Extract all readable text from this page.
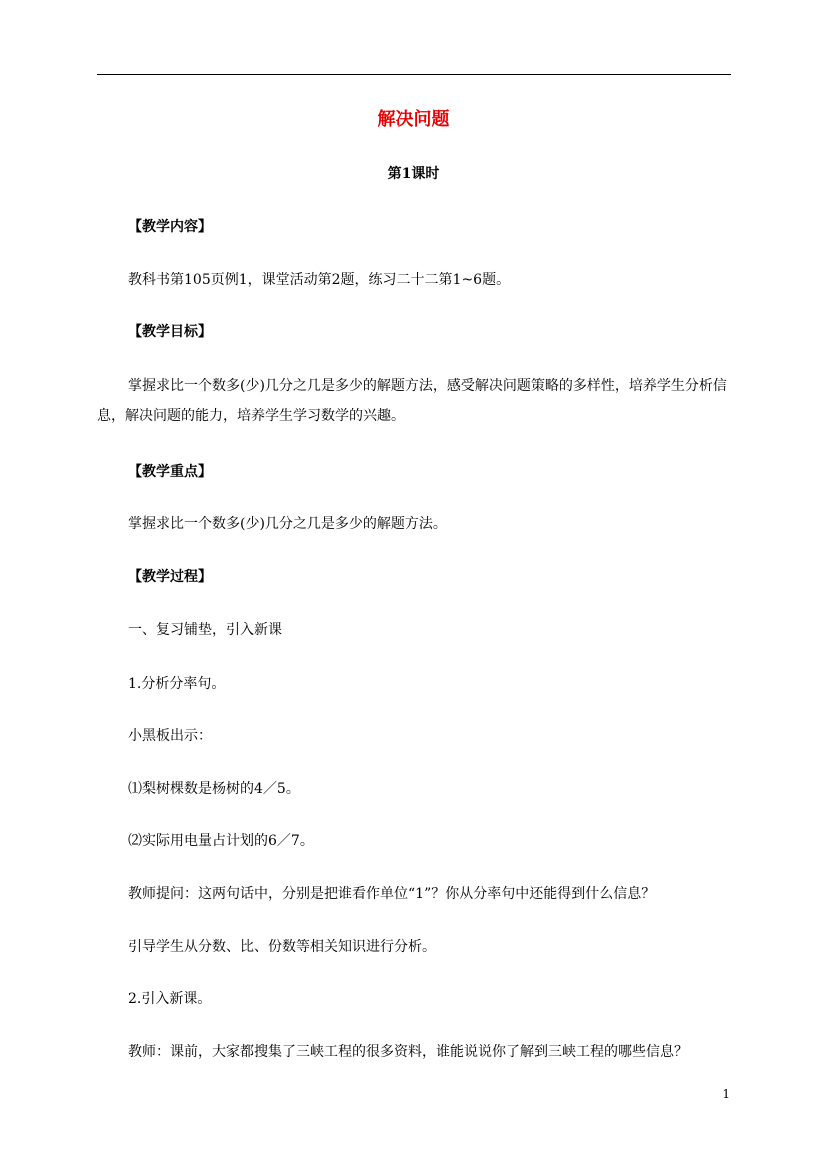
解决问题
第1课时
【教学内容】
教科书第105页例1，课堂活动第2题，练习二十二第1~6题。
【教学目标】
掌握求比一个数多(少)几分之几是多少的解题方法，感受解决问题策略的多样性，培养学生分析信息，解决问题的能力，培养学生学习数学的兴趣。
【教学重点】
掌握求比一个数多(少)几分之几是多少的解题方法。
【教学过程】
一、复习铺垫，引入新课
1.分析分率句。
小黑板出示：
⑴梨树棵数是杨树的4／5。
⑵实际用电量占计划的6／7。
教师提问：这两句话中，分别是把谁看作单位“1”？你从分率句中还能得到什么信息？
引导学生从分数、比、份数等相关知识进行分析。
2.引入新课。
教师：课前，大家都搜集了三峡工程的很多资料，谁能说说你了解到三峡工程的哪些信息？
1
